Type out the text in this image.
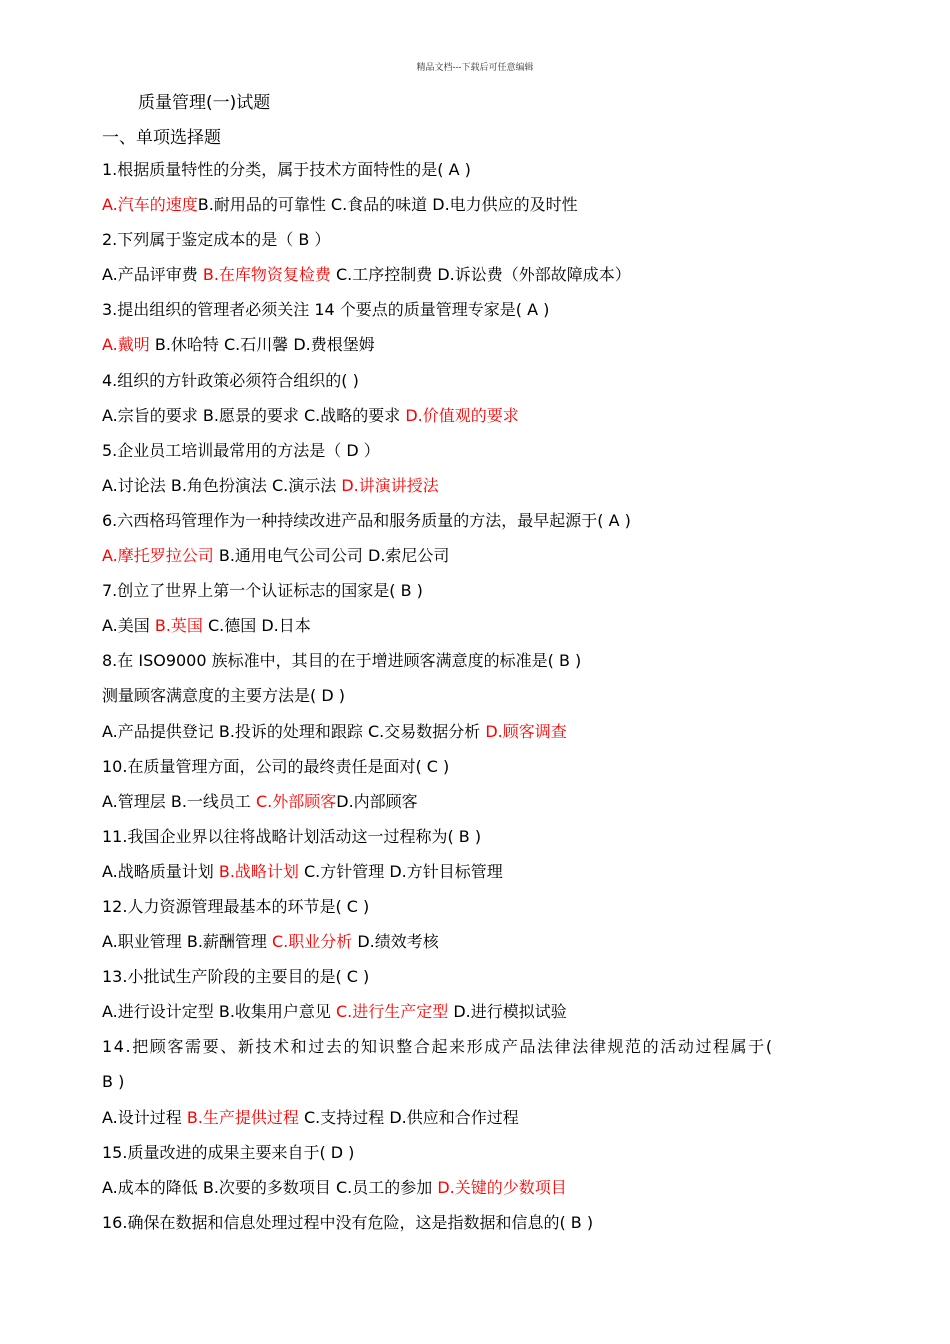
精品文档---下载后可任意编辑
质量管理(一)试题
一、单项选择题
1.根据质量特性的分类，属于技术方面特性的是( A )
A.汽车的速度B.耐用品的可靠性 C.食品的味道 D.电力供应的及时性
2.下列属于鉴定成本的是（ B ）
A.产品评审费 B.在库物资复检费 C.工序控制费 D.诉讼费（外部故障成本）
3.提出组织的管理者必须关注 14 个要点的质量管理专家是( A )
A.戴明 B.休哈特 C.石川馨 D.费根堡姆
4.组织的方针政策必须符合组织的( )
A.宗旨的要求 B.愿景的要求 C.战略的要求 D.价值观的要求
5.企业员工培训最常用的方法是（ D ）
A.讨论法 B.角色扮演法 C.演示法 D.讲演讲授法
6.六西格玛管理作为一种持续改进产品和服务质量的方法，最早起源于( A )
A.摩托罗拉公司 B.通用电气公司公司 D.索尼公司
7.创立了世界上第一个认证标志的国家是( B )
A.美国 B.英国 C.德国 D.日本
8.在 ISO9000 族标准中，其目的在于增进顾客满意度的标准是( B )
测量顾客满意度的主要方法是( D )
A.产品提供登记 B.投诉的处理和跟踪 C.交易数据分析 D.顾客调查
10.在质量管理方面，公司的最终责任是面对( C )
A.管理层 B.一线员工 C.外部顾客D.内部顾客
11.我国企业界以往将战略计划活动这一过程称为( B )
A.战略质量计划 B.战略计划 C.方针管理 D.方针目标管理
12.人力资源管理最基本的环节是( C )
A.职业管理 B.薪酬管理 C.职业分析 D.绩效考核
13.小批试生产阶段的主要目的是( C )
A.进行设计定型 B.收集用户意见 C.进行生产定型 D.进行模拟试验
14.把顾客需要、新技术和过去的知识整合起来形成产品法律法律规范的活动过程属于(
B )
A.设计过程 B.生产提供过程 C.支持过程 D.供应和合作过程
15.质量改进的成果主要来自于( D )
A.成本的降低 B.次要的多数项目 C.员工的参加 D.关键的少数项目
16.确保在数据和信息处理过程中没有危险，这是指数据和信息的( B )
